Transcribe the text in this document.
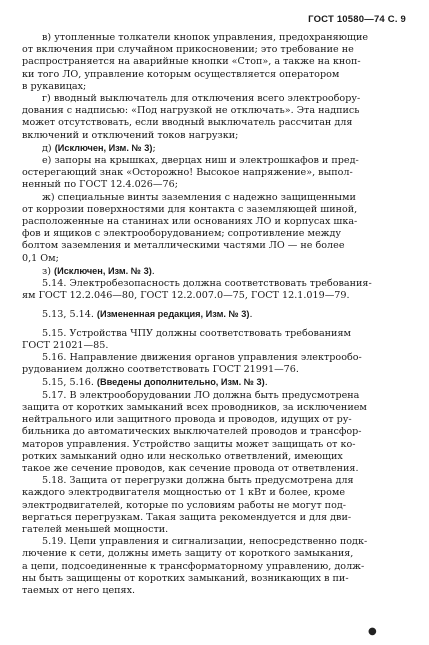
ГОСТ 10580—74 С. 9

в) утопленные толкатели кнопок управления, предохраняющие

от включения при случайном прикосновении; это требование не

распространяется на аварийные кнопки «Стоп», а также на кноп-

ки того ЛО, управление которым осуществляется оператором

в рукавицах;

г) вводный выключатель для отключения всего электрообору-

дования с надписью: «Под нагрузкой не отключать». Эта надпись

может отсутствовать, если вводный выключатель рассчитан для

включений и отключений токов нагрузки;

д) (Исключен, Изм. № 3);

е) запоры на крышках, дверцах ниш и электрошкафов и пред-

остерегающий знак «Осторожно! Высокое напряжение», выпол-

ненный по ГОСТ 12.4.026—76;

ж) специальные винты заземления с надежно защищенными

от коррозии поверхностями для контакта с заземляющей шиной,

расположенные на станинах или основаниях ЛО и корпусах шка-

фов и ящиков с электрооборудованием; сопротивление между

болтом заземления и металлическими частями ЛО — не более

0,1 Ом;

з) (Исключен, Изм. № 3).

5.14. Электробезопасность должна соответствовать требования-

ям ГОСТ 12.2.046—80, ГОСТ 12.2.007.0—75, ГОСТ 12.1.019—79.

5.13, 5.14. (Измененная редакция, Изм. № 3).

5.15. Устройства ЧПУ должны соответствовать требованиям

ГОСТ 21021—85.

5.16. Направление движения органов управления электрообо-

рудованием должно соответствовать ГОСТ 21991—76.

5.15, 5.16. (Введены дополнительно, Изм. № 3).

5.17. В электрооборудовании ЛО должна быть предусмотрена

защита от коротких замыканий всех проводников, за исключением

нейтрального или защитного провода и проводов, идущих от ру-

бильника до автоматических выключателей проводов и трансфор-

маторов управления. Устройство защиты может защищать от ко-

ротких замыканий одно или несколько ответвлений, имеющих

такое же сечение проводов, как сечение провода от ответвления.

5.18. Защита от перегрузки должна быть предусмотрена для

каждого электродвигателя мощностью от 1 кВт и более, кроме

электродвигателей, которые по условиям работы не могут под-

вергаться перегрузкам. Такая защита рекомендуется и для дви-

гателей меньшей мощности.

5.19. Цепи управления и сигнализации, непосредственно подк-

лючение к сети, должны иметь защиту от короткого замыкания,

а цепи, подсоединенные к трансформаторному управлению, долж-

ны быть защищены от коротких замыканий, возникающих в пи-

таемых от него цепях.

●
